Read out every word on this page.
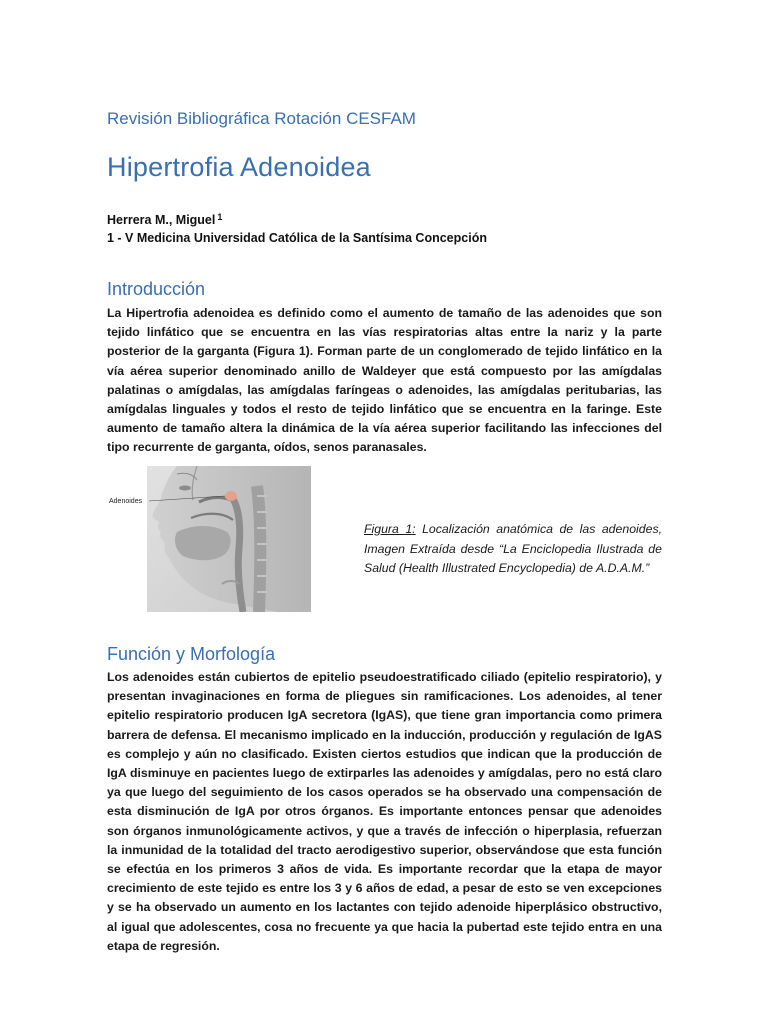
Revisión Bibliográfica Rotación CESFAM
Hipertrofia Adenoidea
Herrera M., Miguel $^1$
1 - V Medicina Universidad Católica de la Santísima Concepción
Introducción

La Hipertrofia adenoidea es definido como el aumento de tamaño de las adenoides que son tejido linfático que se encuentra en las vías respiratorias altas entre la nariz y la parte posterior de la garganta (Figura 1). Forman parte de un conglomerado de tejido linfático en la vía aérea superior denominado anillo de Waldeyer que está compuesto por las amígdalas palatinas o amígdalas, las amígdalas faríngeas o adenoides, las amígdalas peritubarias, las amígdalas linguales y todos el resto de tejido linfático que se encuentra en la faringe. Este aumento de tamaño altera la dinámica de la vía aérea superior facilitando las infecciones del tipo recurrente de garganta, oídos, senos paranasales.

Adenoides

Figura 1: Localización anatómica de las adenoides, Imagen Extraída desde “La Enciclopedia Ilustrada de Salud (Health Illustrated Encyclopedia) de A.D.A.M.”

Función y Morfología

Los adenoides están cubiertos de epitelio pseudoestratificado ciliado (epitelio respiratorio), y presentan invaginaciones en forma de pliegues sin ramificaciones. Los adenoides, al tener epitelio respiratorio producen IgA secretora (IgAS), que tiene gran importancia como primera barrera de defensa. El mecanismo implicado en la inducción, producción y regulación de IgAS es complejo y aún no clasificado. Existen ciertos estudios que indican que la producción de IgA disminuye en pacientes luego de extirparles las adenoides y amígdalas, pero no está claro ya que luego del seguimiento de los casos operados se ha observado una compensación de esta disminución de IgA por otros órganos. Es importante entonces pensar que adenoides son órganos inmunológicamente activos, y que a través de infección o hiperplasia, refuerzan la inmunidad de la totalidad del tracto aerodigestivo superior, observándose que esta función se efectúa en los primeros 3 años de vida. Es importante recordar que la etapa de mayor crecimiento de este tejido es entre los 3 y 6 años de edad, a pesar de esto se ven excepciones y se ha observado un aumento en los lactantes con tejido adenoide hiperplásico obstructivo, al igual que adolescentes, cosa no frecuente ya que hacia la pubertad este tejido entra en una etapa de regresión.
